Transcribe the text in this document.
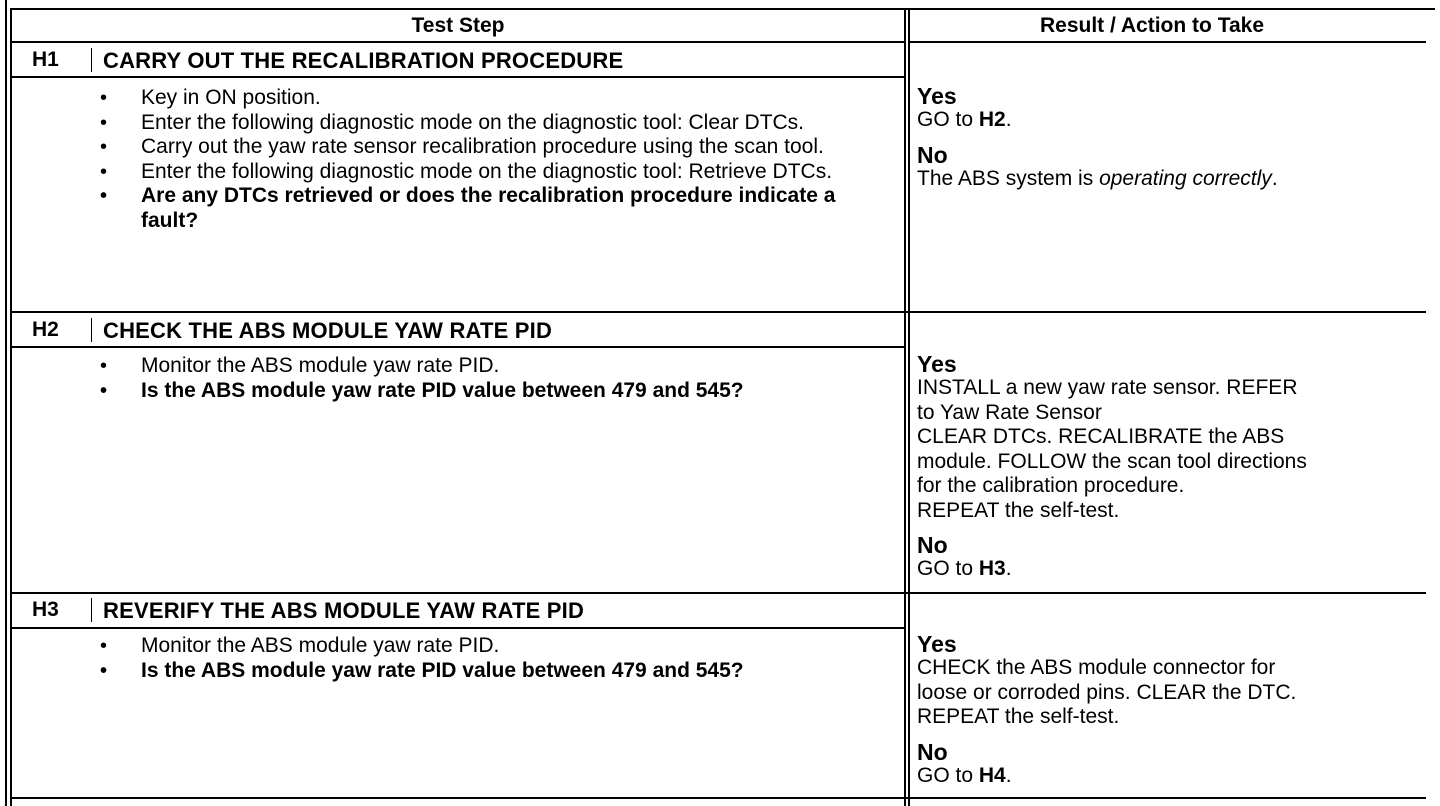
Test Step	Result / Action to Take
H1 CARRY OUT THE RECALIBRATION PROCEDURE
• Key in ON position.
• Enter the following diagnostic mode on the diagnostic tool: Clear DTCs.
• Carry out the yaw rate sensor recalibration procedure using the scan tool.
• Enter the following diagnostic mode on the diagnostic tool: Retrieve DTCs.
• Are any DTCs retrieved or does the recalibration procedure indicate a fault?
Yes
GO to H2.
No
The ABS system is operating correctly.
H2 CHECK THE ABS MODULE YAW RATE PID
• Monitor the ABS module yaw rate PID.
• Is the ABS module yaw rate PID value between 479 and 545?
Yes
INSTALL a new yaw rate sensor. REFER
to Yaw Rate Sensor
CLEAR DTCs. RECALIBRATE the ABS
module. FOLLOW the scan tool directions
for the calibration procedure.
REPEAT the self-test.
No
GO to H3.
H3 REVERIFY THE ABS MODULE YAW RATE PID
• Monitor the ABS module yaw rate PID.
• Is the ABS module yaw rate PID value between 479 and 545?
Yes
CHECK the ABS module connector for
loose or corroded pins. CLEAR the DTC.
REPEAT the self-test.
No
GO to H4.
